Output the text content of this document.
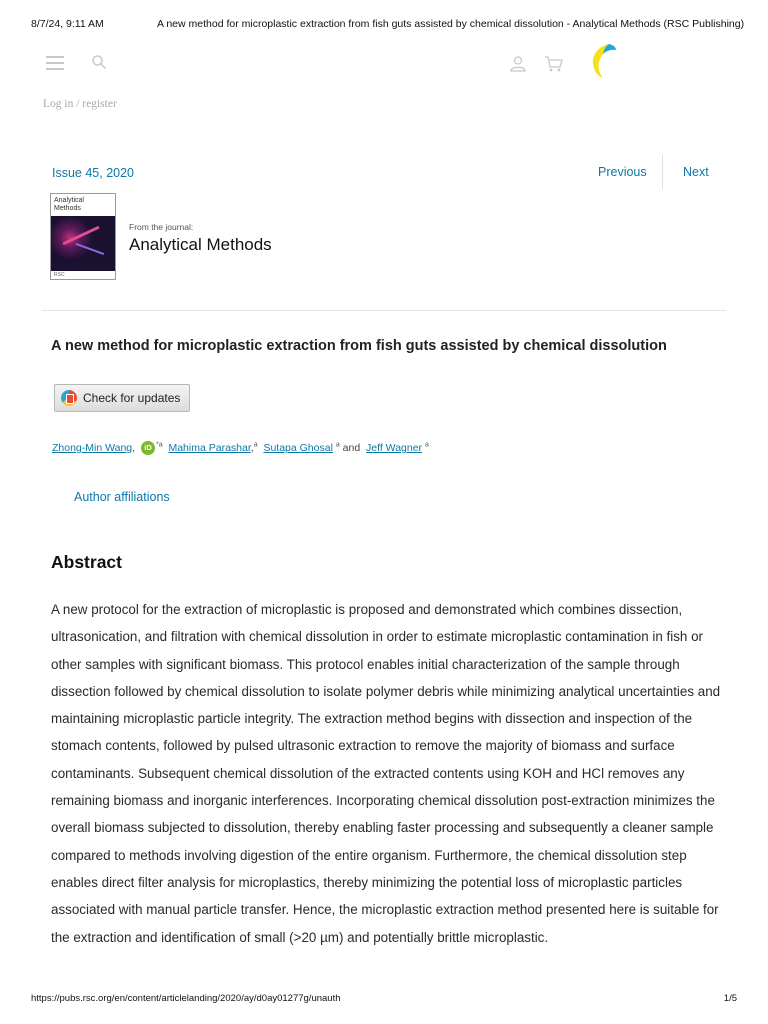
8/7/24, 9:11 AM	A new method for microplastic extraction from fish guts assisted by chemical dissolution - Analytical Methods (RSC Publishing)
Log in / register
Issue 45, 2020	Previous	Next
Analytical Methods
RSC
From the journal:
Analytical Methods
A new method for microplastic extraction from fish guts assisted by chemical dissolution
Check for updates
Zhong-Min Wang, iD $^{*a}$ Mahima Parashar,$^a$ Sutapa Ghosal $^a$ and Jeff Wagner $^a$
Author affiliations
Abstract

A new protocol for the extraction of microplastic is proposed and demonstrated which combines dissection, ultrasonication, and filtration with chemical dissolution in order to estimate microplastic contamination in fish or other samples with significant biomass. This protocol enables initial characterization of the sample through dissection followed by chemical dissolution to isolate polymer debris while minimizing analytical uncertainties and maintaining microplastic particle integrity. The extraction method begins with dissection and inspection of the stomach contents, followed by pulsed ultrasonic extraction to remove the majority of biomass and surface contaminants. Subsequent chemical dissolution of the extracted contents using KOH and HCl removes any remaining biomass and inorganic interferences. Incorporating chemical dissolution post-extraction minimizes the overall biomass subjected to dissolution, thereby enabling faster processing and subsequently a cleaner sample compared to methods involving digestion of the entire organism. Furthermore, the chemical dissolution step enables direct filter analysis for microplastics, thereby minimizing the potential loss of microplastic particles associated with manual particle transfer. Hence, the microplastic extraction method presented here is suitable for the extraction and identification of small (>20 µm) and potentially brittle microplastic.

https://pubs.rsc.org/en/content/articlelanding/2020/ay/d0ay01277g/unauth	1/5
